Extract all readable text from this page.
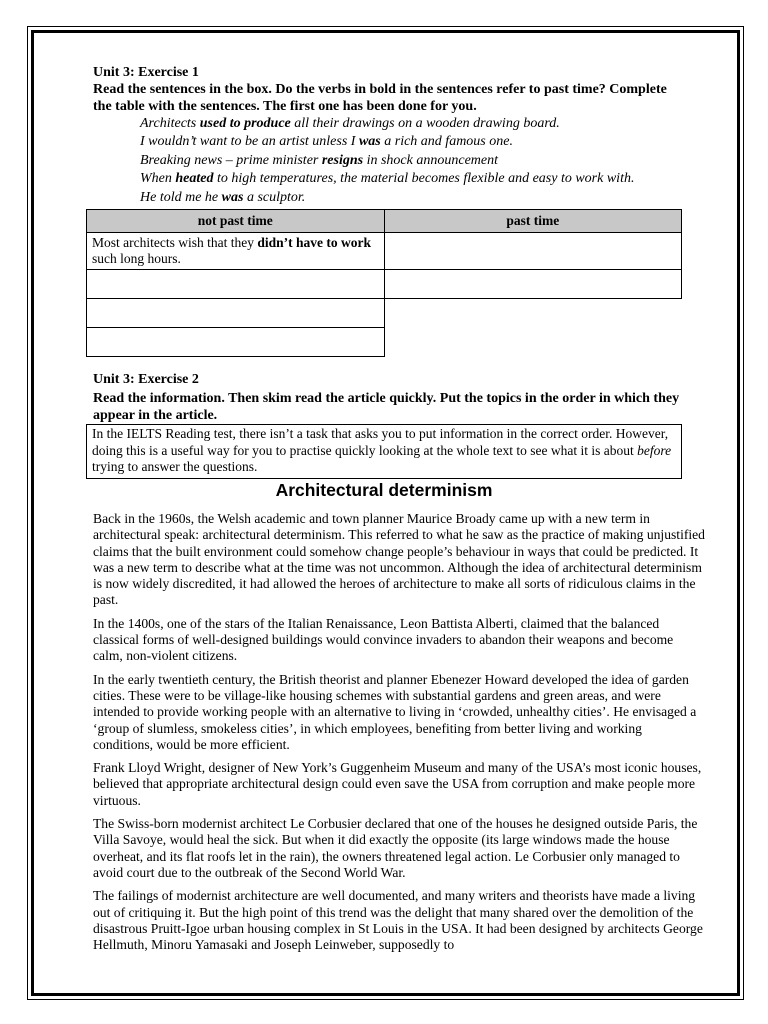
Unit 3: Exercise 1
Read the sentences in the box. Do the verbs in bold in the sentences refer to past time? Complete the table with the sentences. The first one has been done for you.
Architects used to produce all their drawings on a wooden drawing board.
I wouldn’t want to be an artist unless I was a rich and famous one.
Breaking news – prime minister resigns in shock announcement
When heated to high temperatures, the material becomes flexible and easy to work with.
He told me he was a sculptor.
not past time	past time
Most architects wish that they didn’t have to work such long hours.	

Unit 3: Exercise 2
Read the information. Then skim read the article quickly. Put the topics in the order in which they appear in the article.
In the IELTS Reading test, there isn’t a task that asks you to put information in the correct order. However, doing this is a useful way for you to practise quickly looking at the whole text to see what it is about before trying to answer the questions.
Architectural determinism

Back in the 1960s, the Welsh academic and town planner Maurice Broady came up with a new term in architectural speak: architectural determinism. This referred to what he saw as the practice of making unjustified claims that the built environment could somehow change people’s behaviour in ways that could be predicted. It was a new term to describe what at the time was not uncommon. Although the idea of architectural determinism is now widely discredited, it had allowed the heroes of architecture to make all sorts of ridiculous claims in the past.

In the 1400s, one of the stars of the Italian Renaissance, Leon Battista Alberti, claimed that the balanced classical forms of well-designed buildings would convince invaders to abandon their weapons and become calm, non-violent citizens.

In the early twentieth century, the British theorist and planner Ebenezer Howard developed the idea of garden cities. These were to be village-like housing schemes with substantial gardens and green areas, and were intended to provide working people with an alternative to living in ‘crowded, unhealthy cities’. He envisaged a ‘group of slumless, smokeless cities’, in which employees, benefiting from better living and working conditions, would be more efficient.

Frank Lloyd Wright, designer of New York’s Guggenheim Museum and many of the USA’s most iconic houses, believed that appropriate architectural design could even save the USA from corruption and make people more virtuous.

The Swiss-born modernist architect Le Corbusier declared that one of the houses he designed outside Paris, the Villa Savoye, would heal the sick. But when it did exactly the opposite (its large windows made the house overheat, and its flat roofs let in the rain), the owners threatened legal action. Le Corbusier only managed to avoid court due to the outbreak of the Second World War.

The failings of modernist architecture are well documented, and many writers and theorists have made a living out of critiquing it. But the high point of this trend was the delight that many shared over the demolition of the disastrous Pruitt-Igoe urban housing complex in St Louis in the USA. It had been designed by architects George Hellmuth, Minoru Yamasaki and Joseph Leinweber, supposedly to
